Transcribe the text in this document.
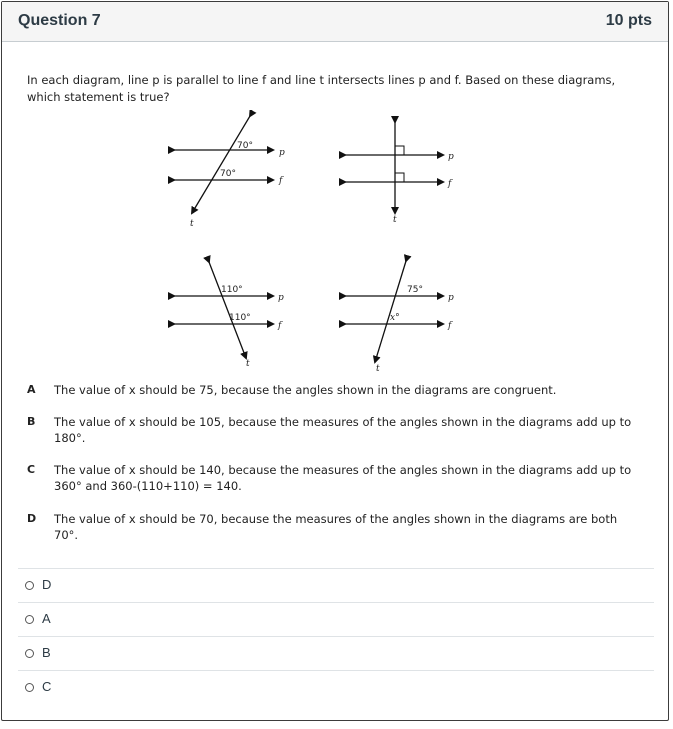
Question 7	10 pts
In each diagram, line p is parallel to line f and line t intersects lines p and f. Based on these diagrams, which statement is true?
70°
70°
p
f
t
p
f
t
110°
110°
p
f
t
75°
x°
p
f
t
A The value of x should be 75, because the angles shown in the diagrams are congruent.
B The value of x should be 105, because the measures of the angles shown in the diagrams add up to 180°.
C The value of x should be 140, because the measures of the angles shown in the diagrams add up to 360° and 360-(110+110) = 140.
D The value of x should be 70, because the measures of the angles shown in the diagrams are both 70°.
D
A
B
C
